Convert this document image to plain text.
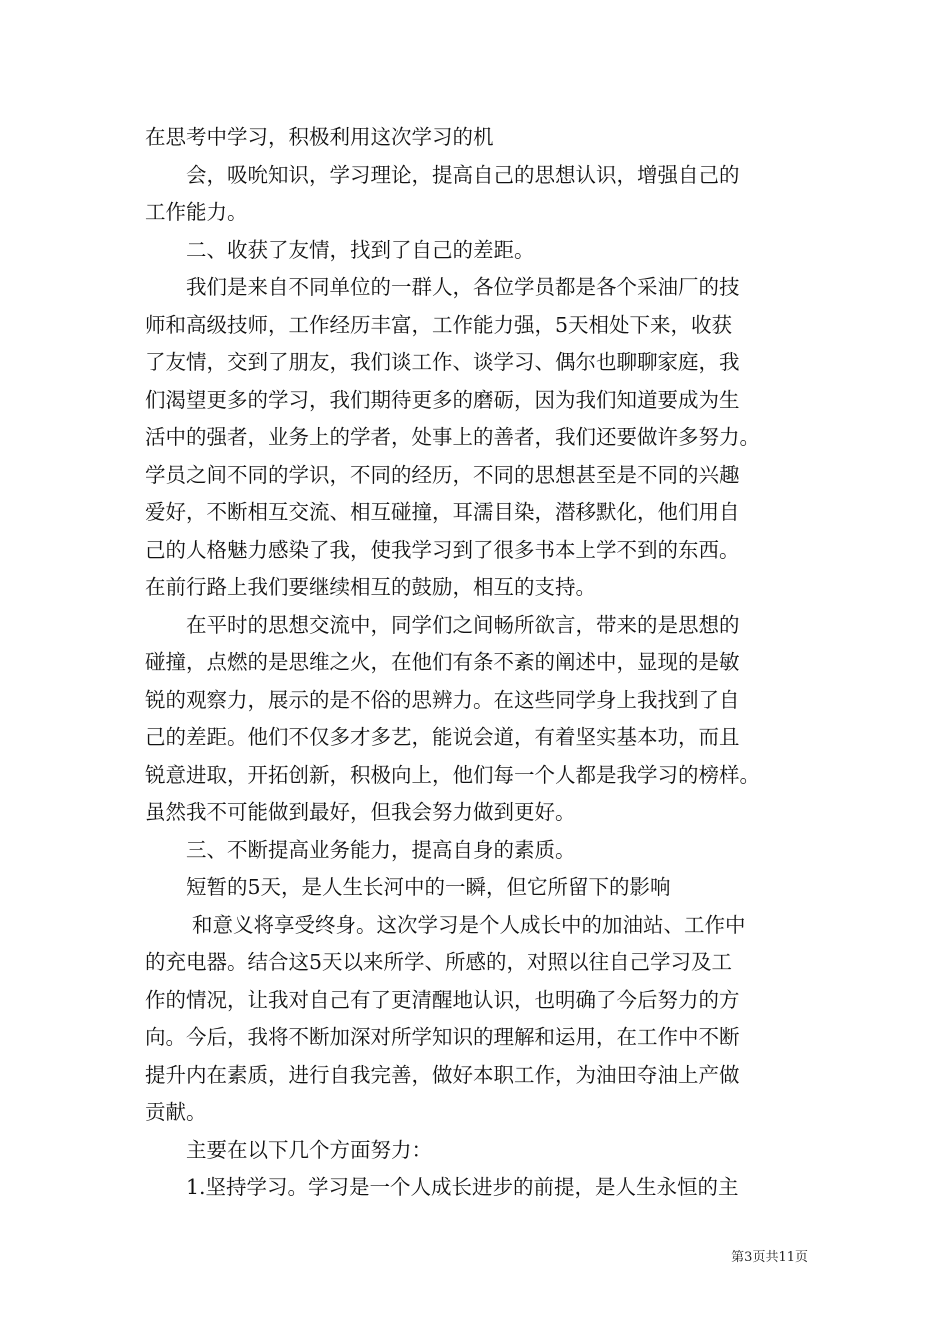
在思考中学习，积极利用这次学习的机
会，吸吮知识，学习理论，提高自己的思想认识，增强自己的
工作能力。
二、收获了友情，找到了自己的差距。
我们是来自不同单位的一群人，各位学员都是各个采油厂的技
师和高级技师，工作经历丰富，工作能力强，5天相处下来，收获
了友情，交到了朋友，我们谈工作、谈学习、偶尔也聊聊家庭，我
们渴望更多的学习，我们期待更多的磨砺，因为我们知道要成为生
活中的强者，业务上的学者，处事上的善者，我们还要做许多努力。
学员之间不同的学识，不同的经历，不同的思想甚至是不同的兴趣
爱好，不断相互交流、相互碰撞，耳濡目染，潜移默化，他们用自
己的人格魅力感染了我，使我学习到了很多书本上学不到的东西。
在前行路上我们要继续相互的鼓励，相互的支持。
在平时的思想交流中，同学们之间畅所欲言，带来的是思想的
碰撞，点燃的是思维之火，在他们有条不紊的阐述中，显现的是敏
锐的观察力，展示的是不俗的思辨力。在这些同学身上我找到了自
己的差距。他们不仅多才多艺，能说会道，有着坚实基本功，而且
锐意进取，开拓创新，积极向上，他们每一个人都是我学习的榜样。
虽然我不可能做到最好，但我会努力做到更好。
三、不断提高业务能力，提高自身的素质。
短暂的5天，是人生长河中的一瞬，但它所留下的影响
和意义将享受终身。这次学习是个人成长中的加油站、工作中
的充电器。结合这5天以来所学、所感的，对照以往自己学习及工
作的情况，让我对自己有了更清醒地认识，也明确了今后努力的方
向。今后，我将不断加深对所学知识的理解和运用，在工作中不断
提升内在素质，进行自我完善，做好本职工作，为油田夺油上产做
贡献。
主要在以下几个方面努力：
1.坚持学习。学习是一个人成长进步的前提，是人生永恒的主
第3页共11页
